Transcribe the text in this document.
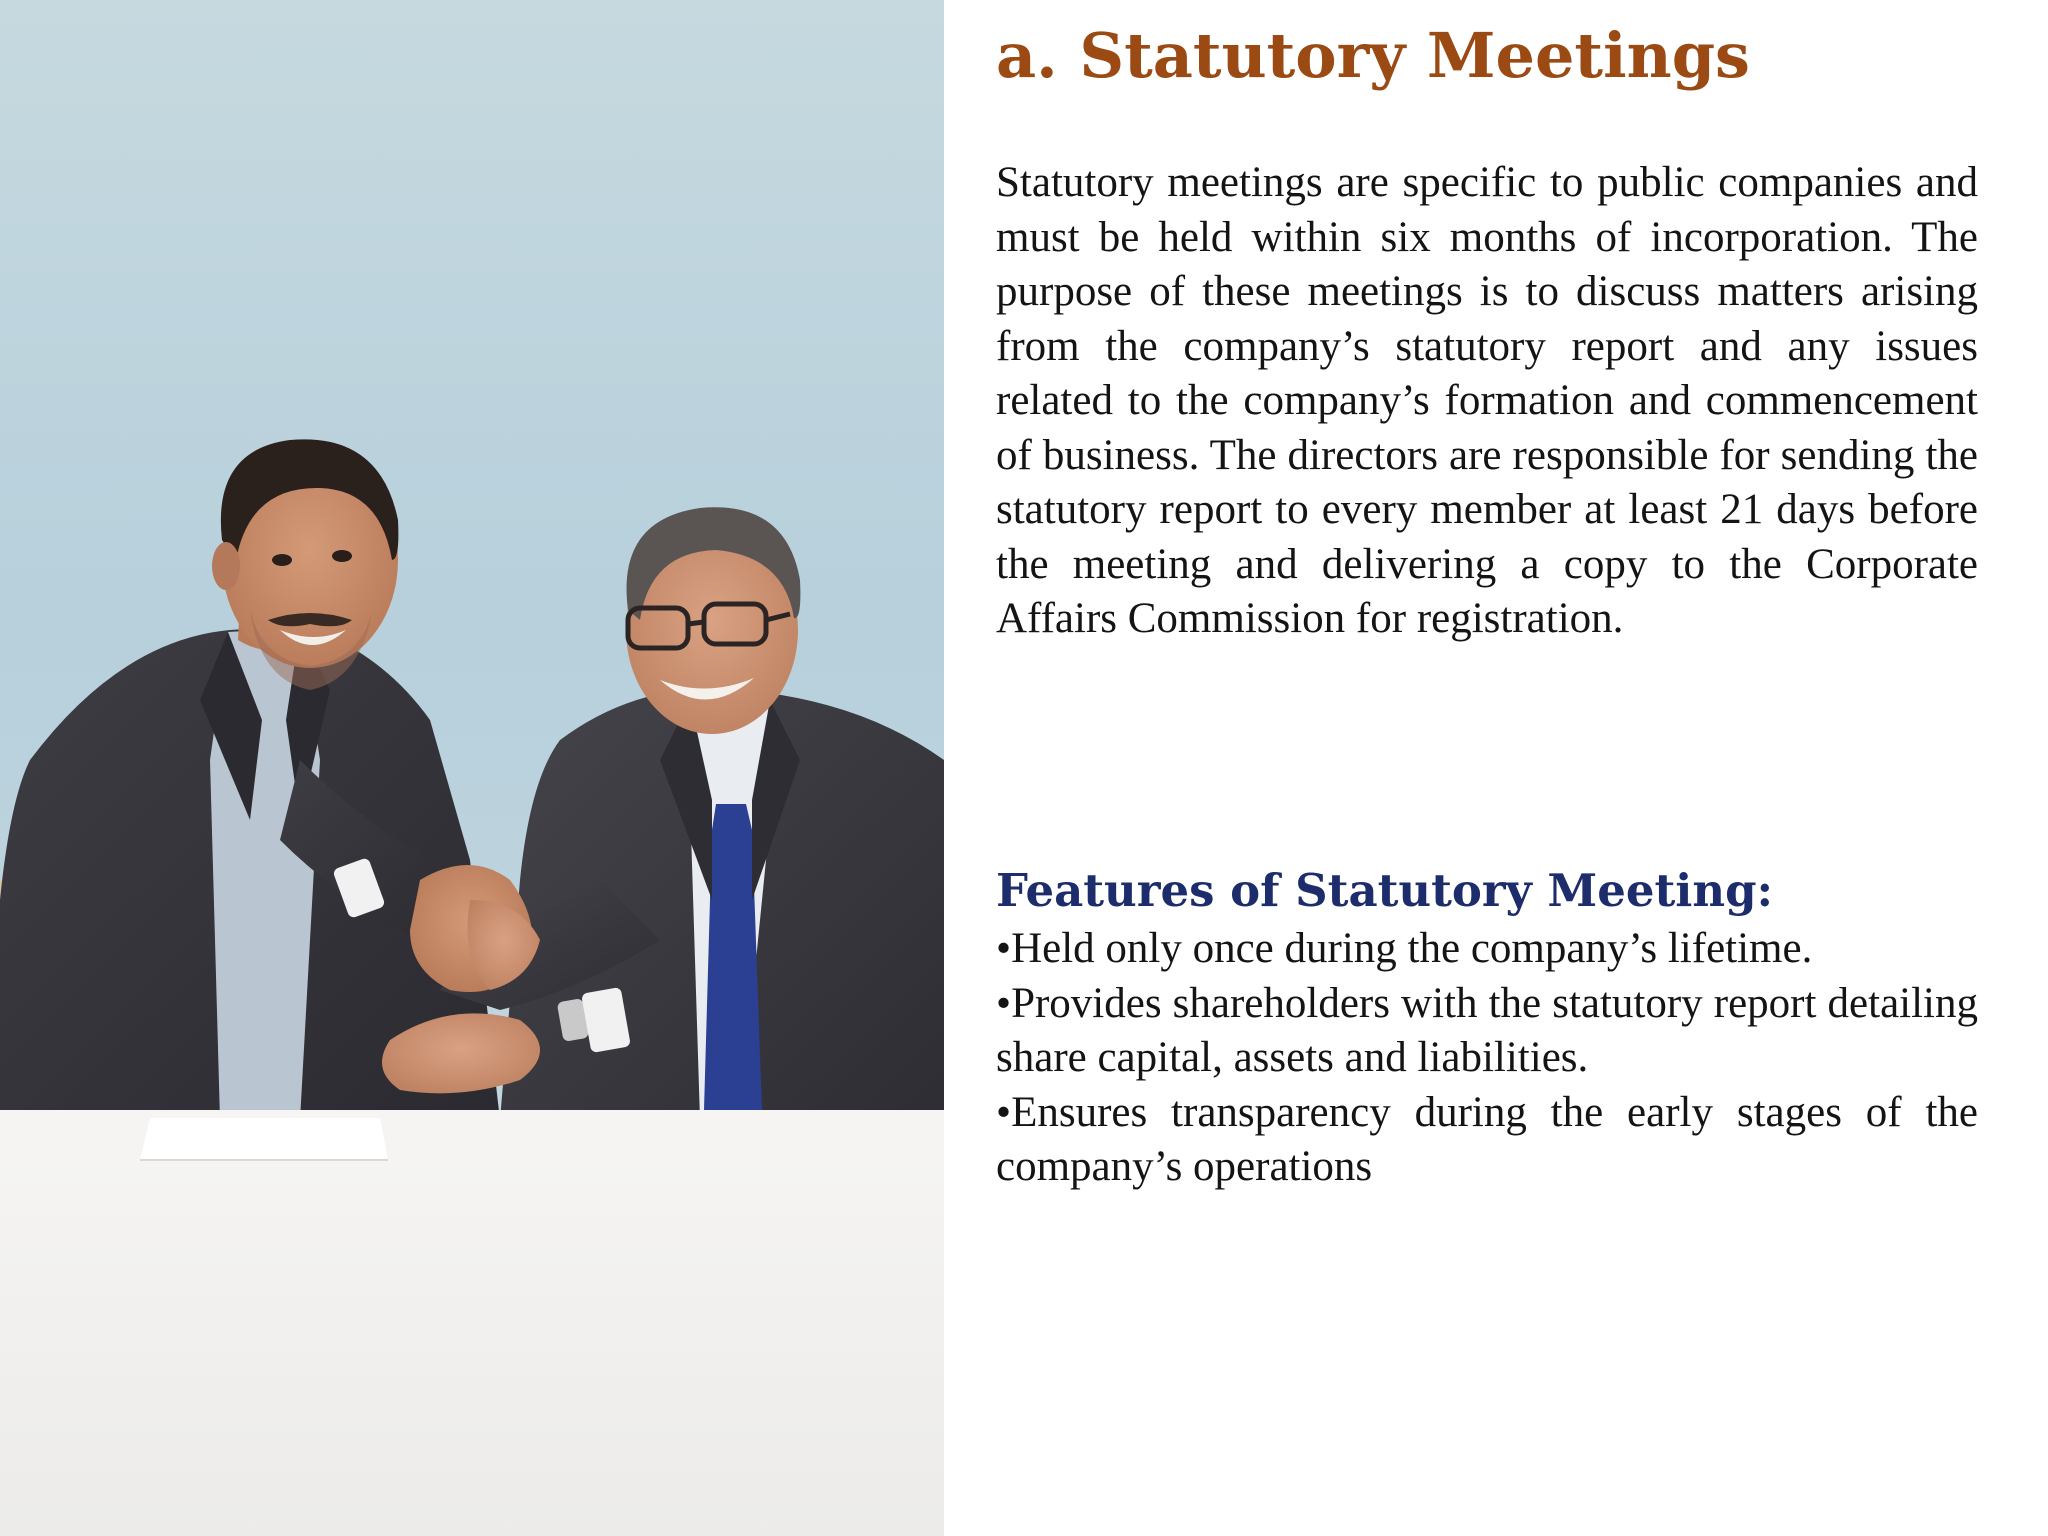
a. Statutory Meetings

Statutory meetings are specific to public companies and must be held within six months of incorporation. The purpose of these meetings is to discuss matters arising from the company’s statutory report and any issues related to the company’s formation and commencement of business. The directors are responsible for sending the statutory report to every member at least 21 days before the meeting and delivering a copy to the Corporate Affairs Commission for registration.

Features of Statutory Meeting:
•Held only once during the company’s lifetime.
•Provides shareholders with the statutory report detailing share capital, assets and liabilities.
•Ensures transparency during the early stages of the company’s operations
